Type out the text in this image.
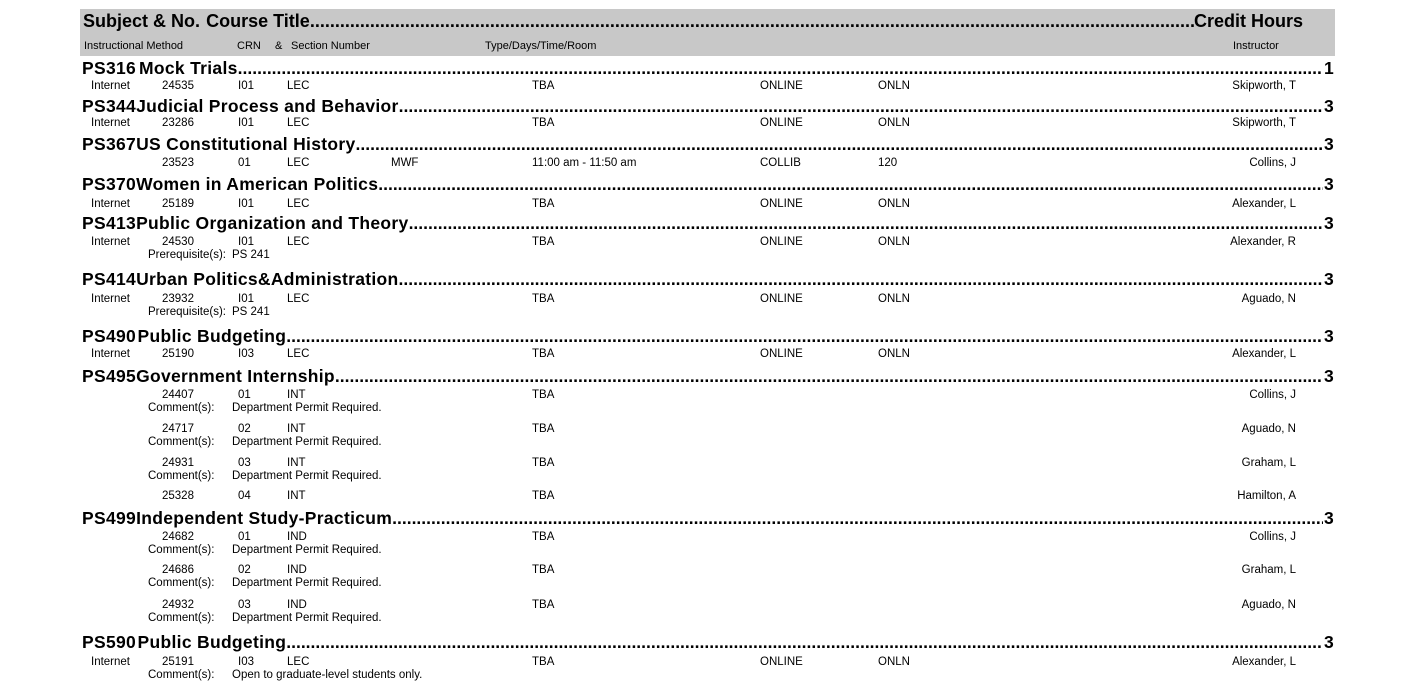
Subject & No. Course Title .....	Credit Hours
Instructional Method	CRN & Section Number	Type/Days/Time/Room	Instructor
PS 316 Mock Trials .....	1
Internet	24535	I01	LEC	TBA	ONLINE	ONLN	Skipworth, T
PS 344 Judicial Process and Behavior .....	3
Internet	23286	I01	LEC	TBA	ONLINE	ONLN	Skipworth, T
PS 367 US Constitutional History .....	3
23523	01	LEC	MWF	11:00 am - 11:50 am	COLLIB	120	Collins, J
PS 370 Women in American Politics .....	3
Internet	25189	I01	LEC	TBA	ONLINE	ONLN	Alexander, L
PS 413 Public Organization and Theory .....	3
Internet	24530	I01	LEC	TBA	ONLINE	ONLN	Alexander, R
Prerequisite(s): PS 241
PS 414 Urban Politics&Administration .....	3
Internet	23932	I01	LEC	TBA	ONLINE	ONLN	Aguado, N
Prerequisite(s): PS 241
PS 490 Public Budgeting .....	3
Internet	25190	I03	LEC	TBA	ONLINE	ONLN	Alexander, L
PS 495 Government Internship .....	3
24407	01	INT	TBA	Collins, J
Comment(s): Department Permit Required.
24717	02	INT	TBA	Aguado, N
Comment(s): Department Permit Required.
24931	03	INT	TBA	Graham, L
Comment(s): Department Permit Required.
25328	04	INT	TBA	Hamilton, A
PS 499 Independent Study-Practicum .....	3
24682	01	IND	TBA	Collins, J
Comment(s): Department Permit Required.
24686	02	IND	TBA	Graham, L
Comment(s): Department Permit Required.
24932	03	IND	TBA	Aguado, N
Comment(s): Department Permit Required.
PS 590 Public Budgeting .....	3
Internet	25191	I03	LEC	TBA	ONLINE	ONLN	Alexander, L
Comment(s): Open to graduate-level students only.
